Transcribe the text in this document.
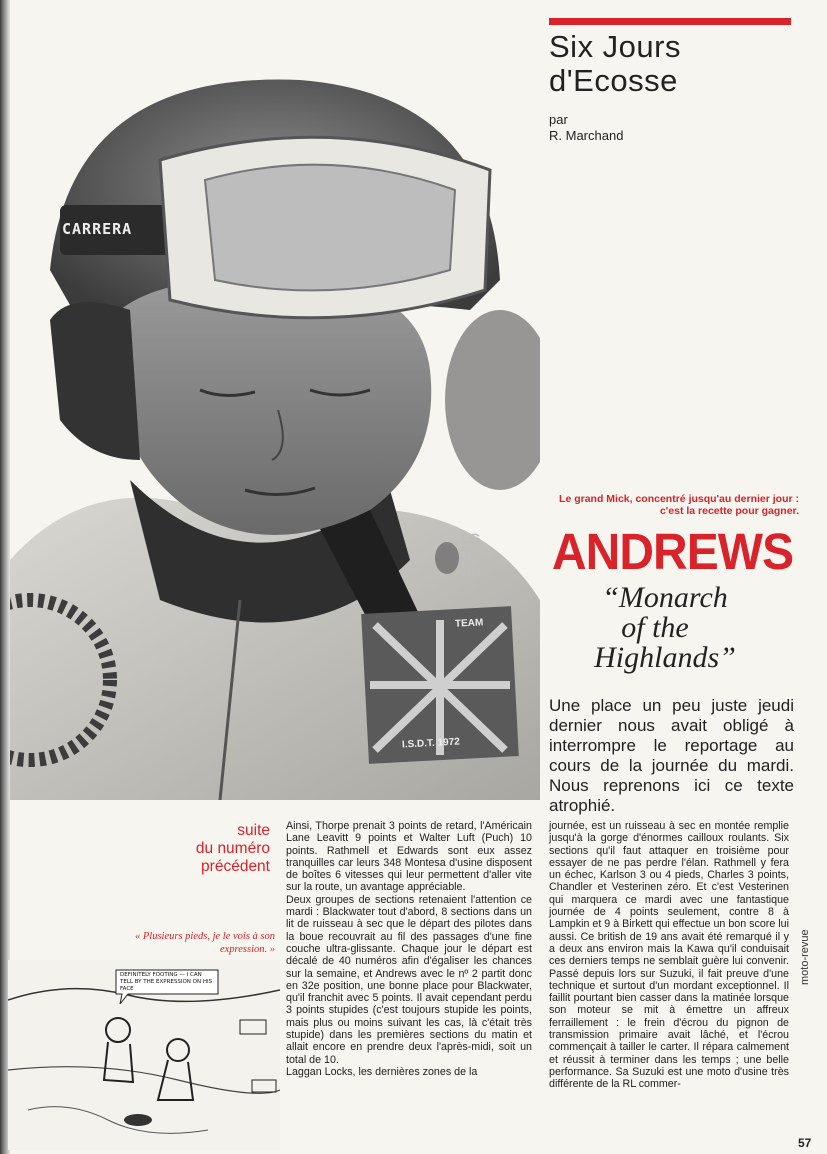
Six Jours
d'Ecosse
par
R. Marchand
CARRERA
TEAM
I.S.D.T. 1972
LG
JP
HD
Le grand Mick, concentré jusqu'au dernier jour : c'est la recette pour gagner.
ANDREWS
“Monarch
of the
Highlands”
Une place un peu juste jeudi dernier nous avait obligé à interrompre le reportage au cours de la journée du mardi. Nous reprenons ici ce texte atrophié.
suite
du numéro
précédent
« Plusieurs pieds, je le vois à son expression. »
DEFINITELY FOOTING — I CAN TELL BY THE EXPRESSION ON HIS FACE

Ainsi, Thorpe prenait 3 points de retard, l'Américain Lane Leavitt 9 points et Walter Luft (Puch) 10 points. Rathmell et Edwards sont eux assez tranquilles car leurs 348 Montesa d'usine disposent de boîtes 6 vitesses qui leur permettent d'aller vite sur la route, un avantage appréciable.

Deux groupes de sections retenaient l'attention ce mardi : Blackwater tout d'abord, 8 sections dans un lit de ruisseau à sec que le départ des pilotes dans la boue recouvrait au fil des passages d'une fine couche ultra-glissante. Chaque jour le départ est décalé de 40 numéros afin d'égaliser les chances sur la semaine, et Andrews avec le nº 2 partit donc en 32e position, une bonne place pour Blackwater, qu'il franchit avec 5 points. Il avait cependant perdu 3 points stupides (c'est toujours stupide les points, mais plus ou moins suivant les cas, là c'était très stupide) dans les premières sections du matin et allait encore en prendre deux l'après-midi, soit un total de 10.

Laggan Locks, les dernières zones de la

journée, est un ruisseau à sec en montée remplie jusqu'à la gorge d'énormes cailloux roulants. Six sections qu'il faut attaquer en troisième pour essayer de ne pas perdre l'élan. Rathmell y fera un échec, Karlson 3 ou 4 pieds, Charles 3 points, Chandler et Vesterinen zéro. Et c'est Vesterinen qui marquera ce mardi avec une fantastique journée de 4 points seulement, contre 8 à Lampkin et 9 à Birkett qui effectue un bon score lui aussi. Ce british de 19 ans avait été remarqué il y a deux ans environ mais la Kawa qu'il conduisait ces derniers temps ne semblait guère lui convenir. Passé depuis lors sur Suzuki, il fait preuve d'une technique et surtout d'un mordant exceptionnel. Il faillit pourtant bien casser dans la matinée lorsque son moteur se mit à émettre un affreux ferraillement : le frein d'écrou du pignon de transmission primaire avait lâché, et l'écrou commençait à tailler le carter. Il répara calmement et réussit à terminer dans les temps ; une belle performance. Sa Suzuki est une moto d'usine très différente de la RL commer-

moto-revue
57
